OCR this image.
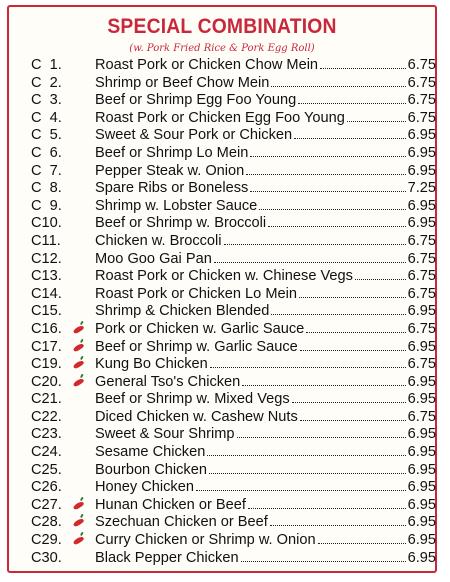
SPECIAL COMBINATION
(w. Pork Fried Rice & Pork Egg Roll)
C  1. Roast Pork or Chicken Chow Mein	6.75
C  2. Shrimp or Beef Chow Mein	6.75
C  3. Beef or Shrimp Egg Foo Young	6.75
C  4. Roast Pork or Chicken Egg Foo Young	6.75
C  5. Sweet & Sour Pork or Chicken	6.95
C  6. Beef or Shrimp Lo Mein	6.95
C  7. Pepper Steak w. Onion	6.95
C  8. Spare Ribs or Boneless	7.25
C  9. Shrimp w. Lobster Sauce	6.95
C10. Beef or Shrimp w. Broccoli	6.95
C11. Chicken w. Broccoli	6.75
C12. Moo Goo Gai Pan	6.75
C13. Roast Pork or Chicken w. Chinese Vegs	6.75
C14. Roast Pork or Chicken Lo Mein	6.75
C15. Shrimp & Chicken Blended	6.95
C16. Pork or Chicken w. Garlic Sauce	6.75
C17. Beef or Shrimp w. Garlic Sauce	6.95
C19. Kung Bo Chicken	6.75
C20. General Tso's Chicken	6.95
C21. Beef or Shrimp w. Mixed Vegs	6.95
C22. Diced Chicken w. Cashew Nuts	6.75
C23. Sweet & Sour Shrimp	6.95
C24. Sesame Chicken	6.95
C25. Bourbon Chicken	6.95
C26. Honey Chicken	6.95
C27. Hunan Chicken or Beef	6.95
C28. Szechuan Chicken or Beef	6.95
C29. Curry Chicken or Shrimp w. Onion	6.95
C30. Black Pepper Chicken	6.95
